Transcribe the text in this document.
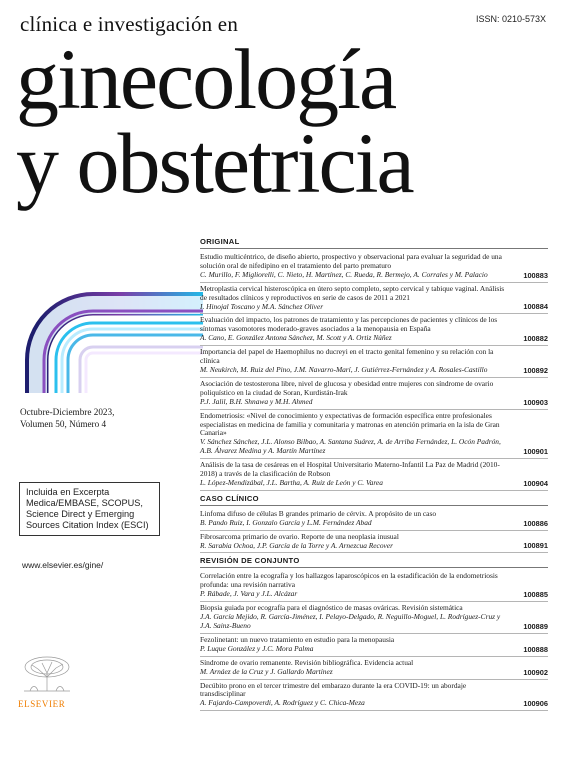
ISSN: 0210-573X
clínica e investigación en
ginecología
y obstetricia
Octubre-Diciembre 2023,
Volumen 50, Número 4
Incluida en Excerpta Medica/EMBASE, SCOPUS, Science Direct y Emerging Sources Citation Index (ESCI)
www.elsevier.es/gine/
ELSEVIER
ORIGINAL
Estudio multicéntrico, de diseño abierto, prospectivo y observacional para evaluar la seguridad de una solución oral de nifedipino en el tratamiento del parto prematuro
C. Murillo, F. Migliorelli, C. Nieto, H. Martínez, C. Rueda, R. Bermejo, A. Corrales y M. Palacio	100883
Metroplastia cervical histeroscópica en útero septo completo, septo cervical y tabique vaginal. Análisis de resultados clínicos y reproductivos en serie de casos de 2011 a 2021
I. Hinojal Toscano y M.A. Sánchez Oliver	100884
Evaluación del impacto, los patrones de tratamiento y las percepciones de pacientes y clínicos de los síntomas vasomotores moderado-graves asociados a la menopausia en España
A. Cano, E. González Antona Sánchez, M. Scott y A. Ortiz Núñez	100882
Importancia del papel de Haemophilus no ducreyi en el tracto genital femenino y su relación con la clínica
M. Neukirch, M. Ruiz del Pino, J.M. Navarro-Marí, J. Gutiérrez-Fernández y A. Rosales-Castillo	100892
Asociación de testosterona libre, nivel de glucosa y obesidad entre mujeres con síndrome de ovario poliquístico en la ciudad de Soran, Kurdistán-Irak
P.J. Jalil, B.H. Shnawa y M.H. Ahmed	100903
Endometriosis: «Nivel de conocimiento y expectativas de formación específica entre profesionales especialistas en medicina de familia y comunitaria y matronas en atención primaria en la isla de Gran Canaria»
V. Sánchez Sánchez, J.L. Alonso Bilbao, A. Santana Suárez, A. de Arriba Fernández, L. Ocón Padrón, A.B. Álvarez Medina y A. Martín Martínez	100901
Análisis de la tasa de cesáreas en el Hospital Universitario Materno-Infantil La Paz de Madrid (2010-2018) a través de la clasificación de Robson
L. López-Mendizábal, J.L. Bartha, A. Ruiz de León y C. Varea	100904
CASO CLÍNICO
Linfoma difuso de células B grandes primario de cérvix. A propósito de un caso
B. Pando Ruiz, I. Gonzalo García y L.M. Fernández Abad	100886
Fibrosarcoma primario de ovario. Reporte de una neoplasia inusual
R. Sarabia Ochoa, J.P. García de la Torre y A. Arnezcua Recover	100891
REVISIÓN DE CONJUNTO
Correlación entre la ecografía y los hallazgos laparoscópicos en la estadificación de la endometriosis profunda: una revisión narrativa
P. Rábade, J. Vara y J.L. Alcázar	100885
Biopsia guiada por ecografía para el diagnóstico de masas ováricas. Revisión sistemática
J.A. García Mejido, R. García-Jiménez, I. Pelayo-Delgado, R. Neguillo-Moguel, L. Rodríguez-Cruz y J.A. Sainz-Bueno	100889
Fezolinetant: un nuevo tratamiento en estudio para la menopausia
P. Luque González y J.C. Mora Palma	100888
Síndrome de ovario remanente. Revisión bibliográfica. Evidencia actual
M. Arnáez de la Cruz y J. Gallardo Martínez	100902
Decúbito prono en el tercer trimestre del embarazo durante la era COVID-19: un abordaje transdisciplinar
A. Fajardo-Campoverdi, A. Rodríguez y C. Chica-Meza	100906
